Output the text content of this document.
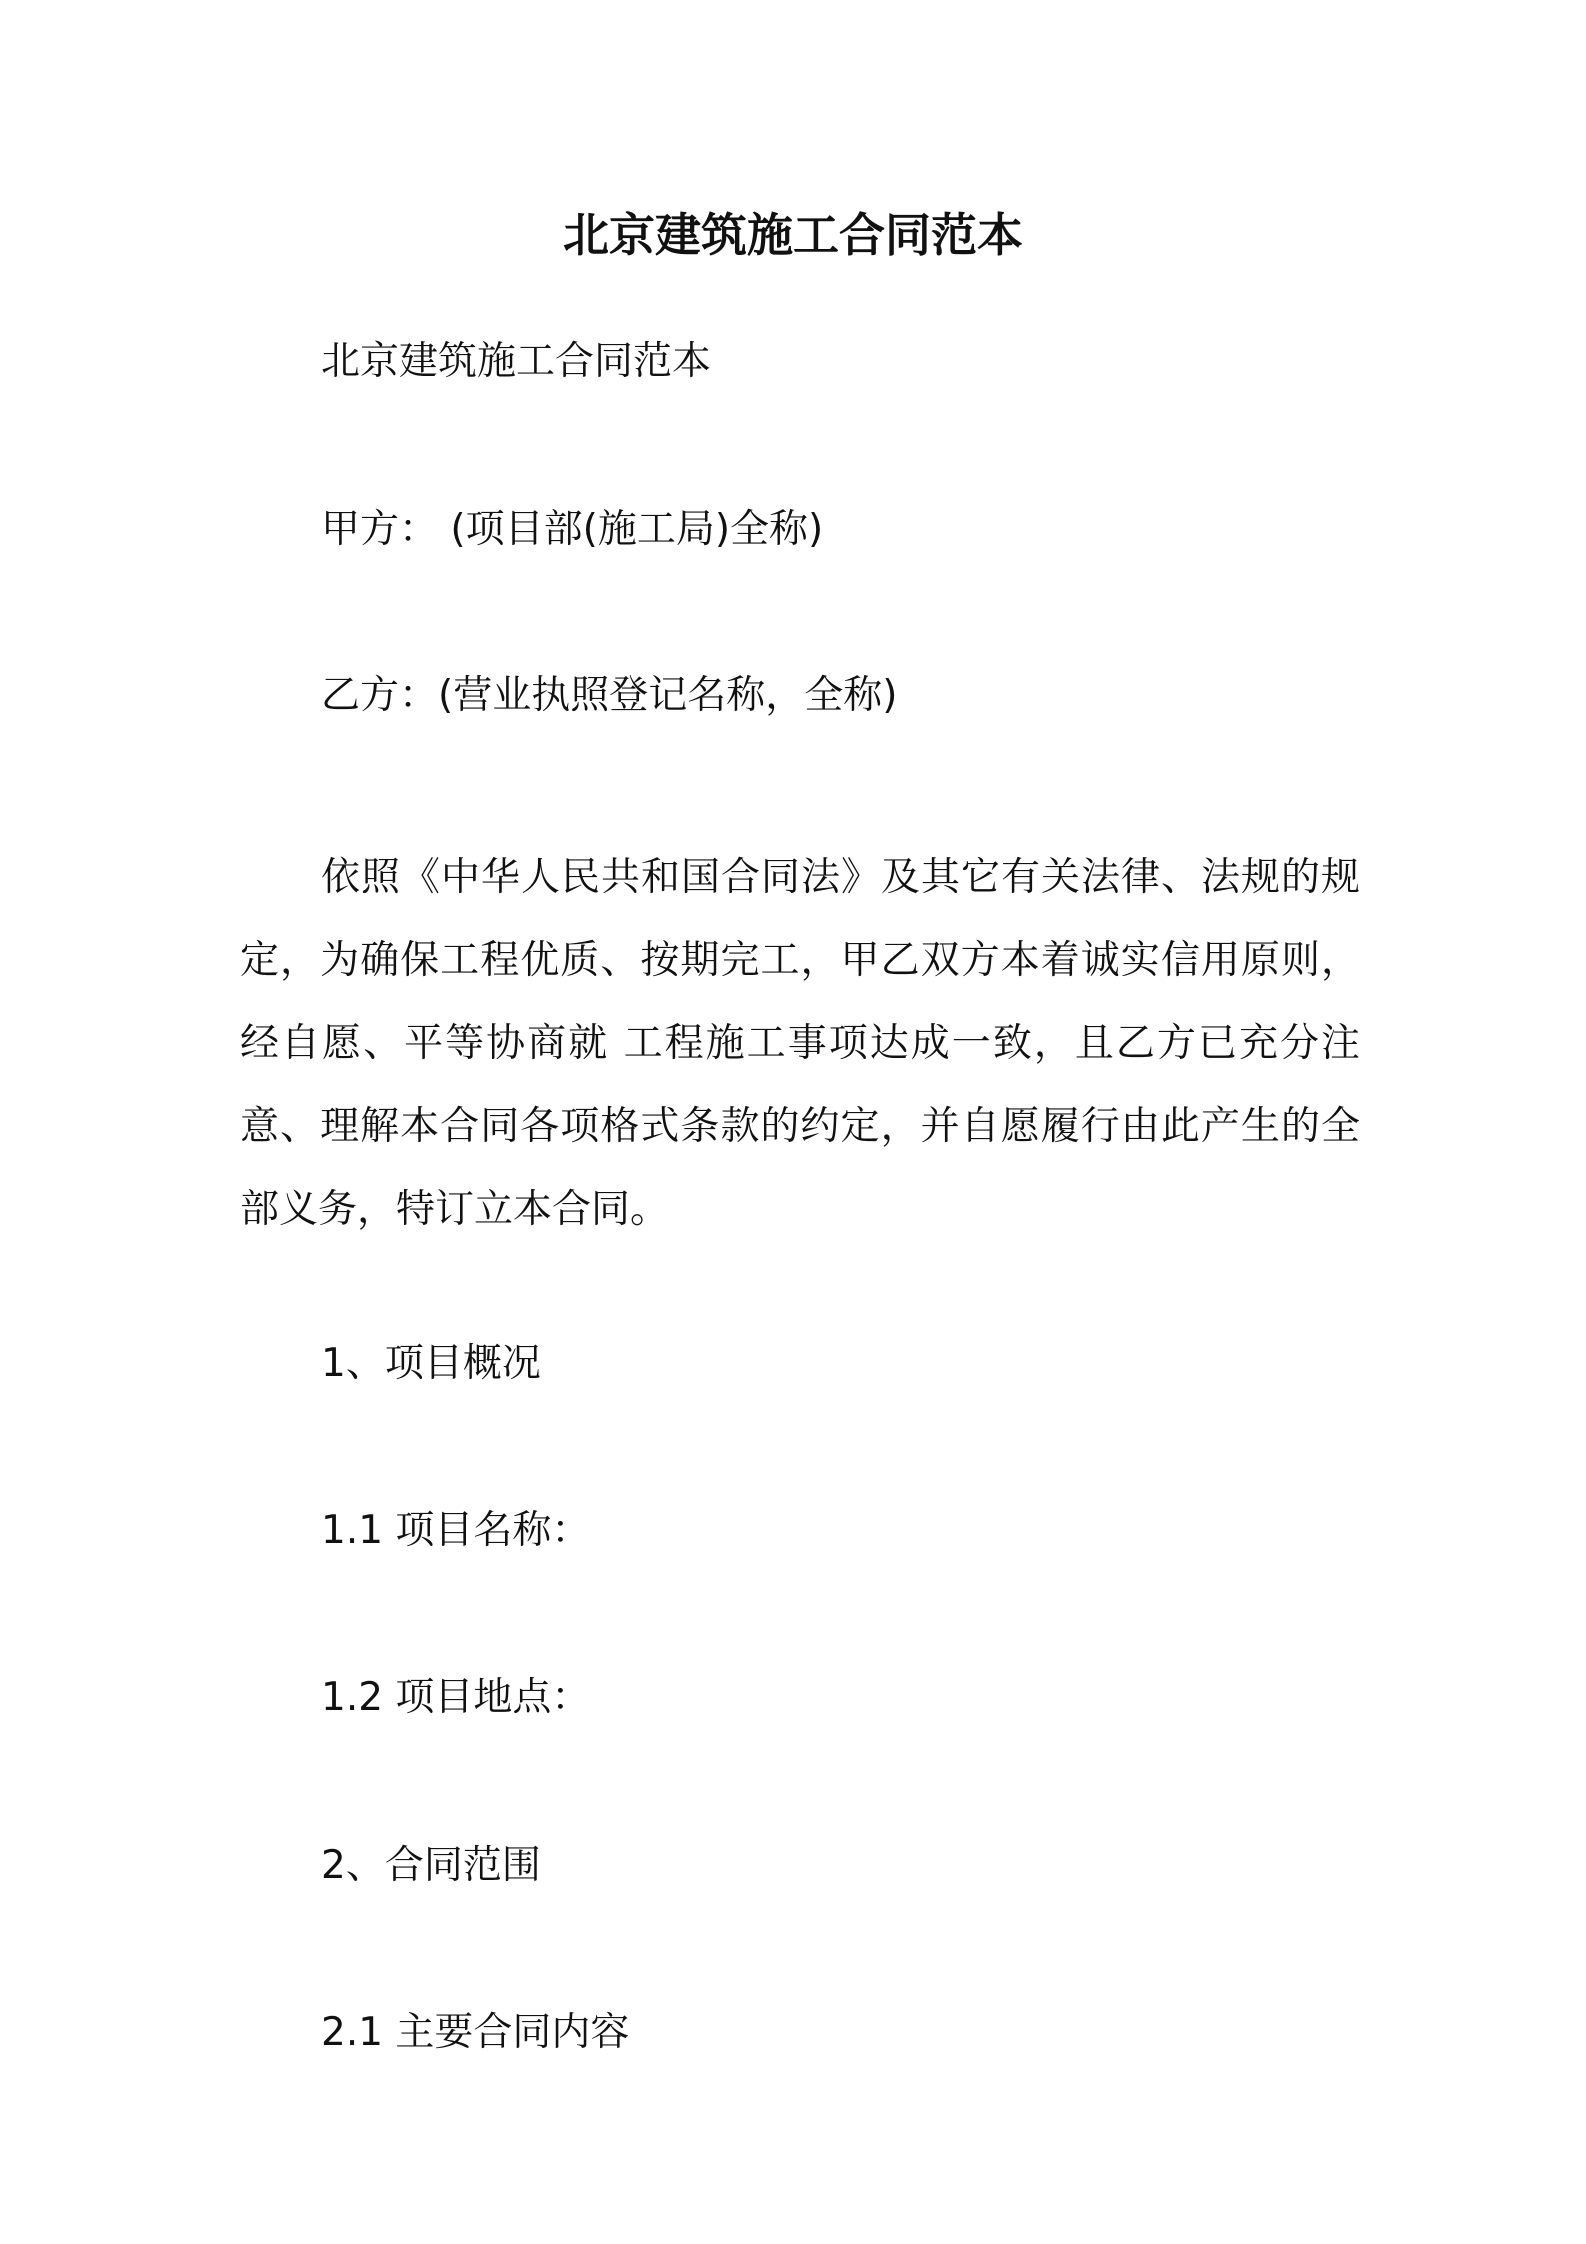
北京建筑施工合同范本

北京建筑施工合同范本

甲方： (项目部(施工局)全称)

乙方：(营业执照登记名称，全称)

依照《中华人民共和国合同法》及其它有关法律、法规的规定，为确保工程优质、按期完工，甲乙双方本着诚实信用原则，经自愿、平等协商就 工程施工事项达成一致，且乙方已充分注意、理解本合同各项格式条款的约定，并自愿履行由此产生的全部义务，特订立本合同。

1、项目概况

1.1 项目名称：

1.2 项目地点：

2、合同范围

2.1 主要合同内容
